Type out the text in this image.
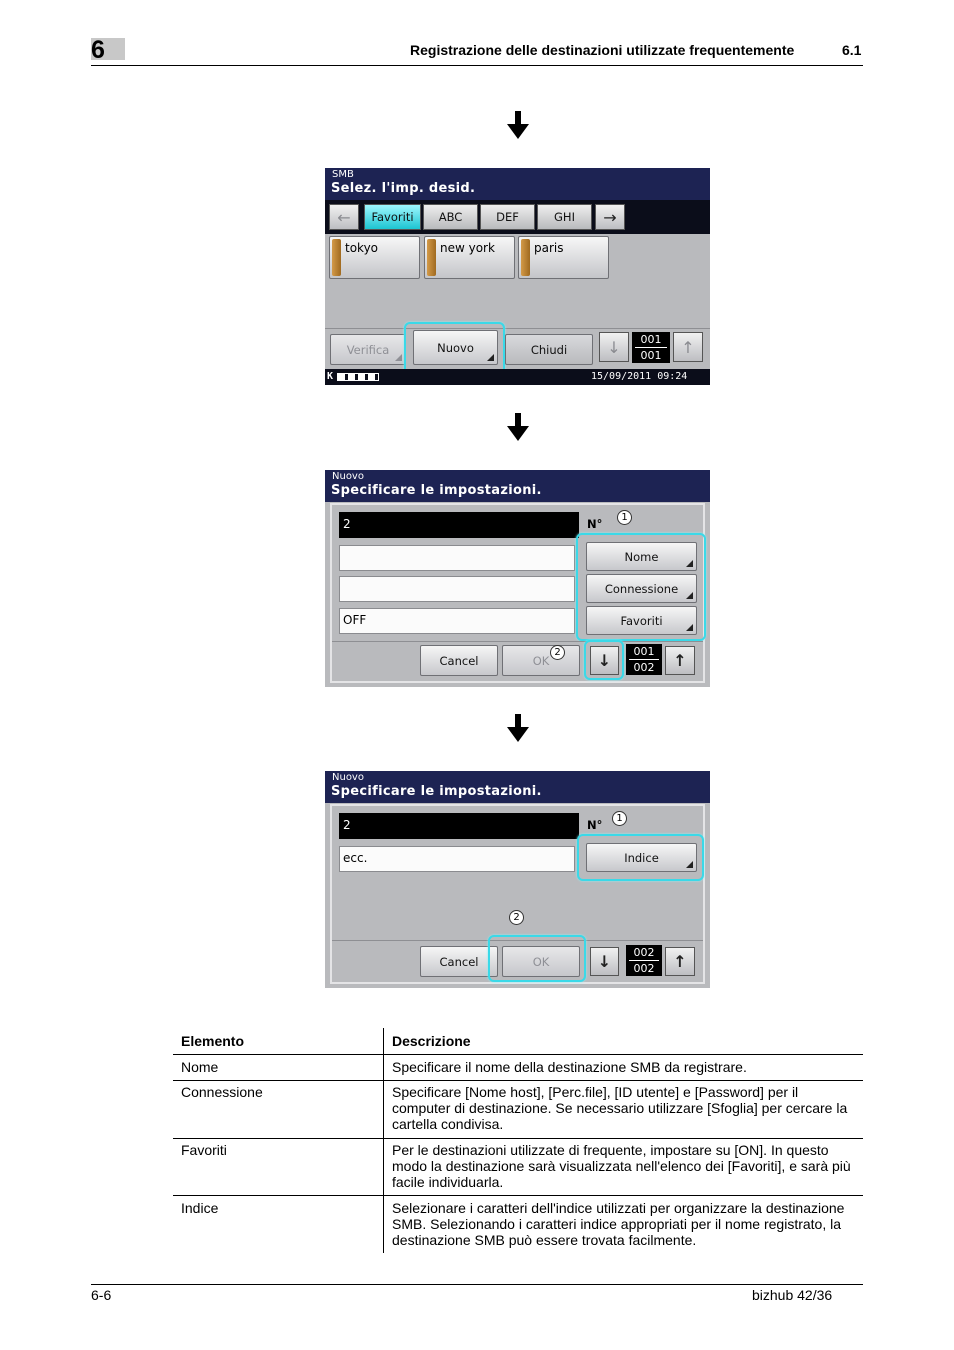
6	Registrazione delle destinazioni utilizzate frequentemente	6.1
SMB
Selez. l'imp. desid.
←	Favoriti	ABC	DEF	GHI	→
tokyo	new york	paris
Verifica	Nuovo	Chiudi	↓	001
001	↑
K	15/09/2011 09:24
Nuovo
Specificare le impostazioni.
2	N°	1
OFF
Nome
Connessione
Favoriti
Cancel	OK
2 ↓	001
002	↑
Nuovo
Specificare le impostazioni.
2	N°	1
ecc.	Indice
2
Cancel	OK	↓	002
002	↑
Elemento	Descrizione
Nome	Specificare il nome della destinazione SMB da registrare.
Connessione	Specificare [Nome host], [Perc.file], [ID utente] e [Password] per il computer di destinazione. Se necessario utilizzare [Sfoglia] per cercare la cartella condivisa.
Favoriti	Per le destinazioni utilizzate di frequente, impostare su [ON]. In questo modo la destinazione sarà visualizzata nell'elenco dei [Favoriti], e sarà più facile individuarla.
Indice	Selezionare i caratteri dell'indice utilizzati per organizzare la destinazione SMB. Selezionando i caratteri indice appropriati per il nome registrato, la destinazione SMB può essere trovata facilmente.
6-6	bizhub 42/36
